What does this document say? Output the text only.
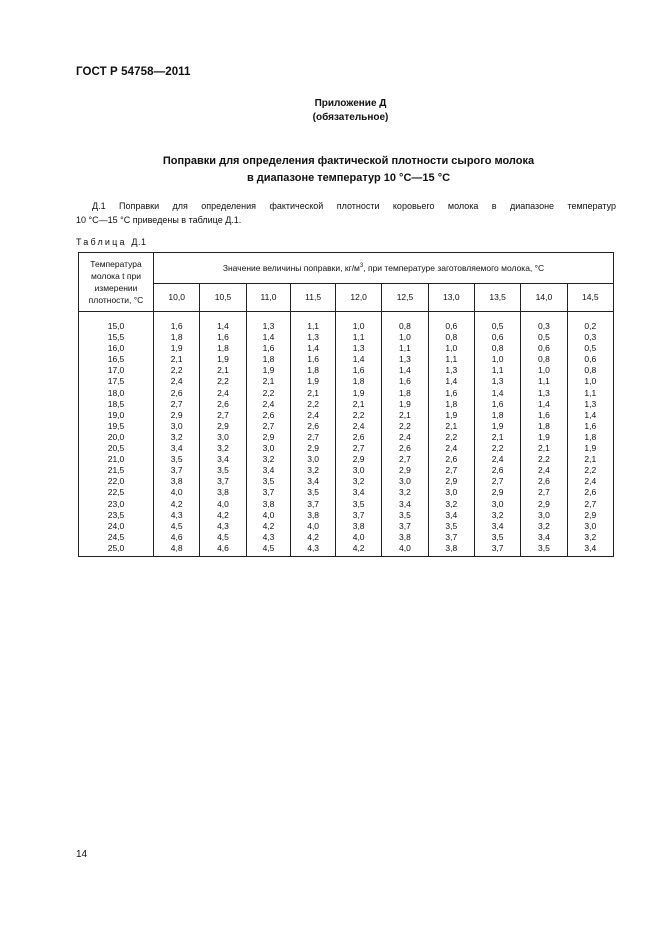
ГОСТ Р 54758—2011
Приложение Д
(обязательное)
Поправки для определения фактической плотности сырого молока
в диапазоне температур 10 °С—15 °С
Д.1 Поправки для определения фактической плотности коровьего молока в диапазоне температур
10 °С—15 °С приведены в таблице Д.1.
Таблица Д.1
Температура молока t при измерении плотности, °С	Значение величины поправки, $кг/м^3$, при температуре заготовляемого молока, °С									
	10,0	10,5	11,0	11,5	12,0	12,5	13,0	13,5	14,0	14,5
15,0	1,6	1,4	1,3	1,1	1,0	0,8	0,6	0,5	0,3	0,2
15,5	1,8	1,6	1,4	1,3	1,1	1,0	0,8	0,6	0,5	0,3
16,0	1,9	1,8	1,6	1,4	1,3	1,1	1,0	0,8	0,6	0,5
16,5	2,1	1,9	1,8	1,6	1,4	1,3	1,1	1,0	0,8	0,6
17,0	2,2	2,1	1,9	1,8	1,6	1,4	1,3	1,1	1,0	0,8
17,5	2,4	2,2	2,1	1,9	1,8	1,6	1,4	1,3	1,1	1,0
18,0	2,6	2,4	2,2	2,1	1,9	1,8	1,6	1,4	1,3	1,1
18,5	2,7	2,6	2,4	2,2	2,1	1,9	1,8	1,6	1,4	1,3
19,0	2,9	2,7	2,6	2,4	2,2	2,1	1,9	1,8	1,6	1,4
19,5	3,0	2,9	2,7	2,6	2,4	2,2	2,1	1,9	1,8	1,6
20,0	3,2	3,0	2,9	2,7	2,6	2,4	2,2	2,1	1,9	1,8
20,5	3,4	3,2	3,0	2,9	2,7	2,6	2,4	2,2	2,1	1,9
21,0	3,5	3,4	3,2	3,0	2,9	2,7	2,6	2,4	2,2	2,1
21,5	3,7	3,5	3,4	3,2	3,0	2,9	2,7	2,6	2,4	2,2
22,0	3,8	3,7	3,5	3,4	3,2	3,0	2,9	2,7	2,6	2,4
22,5	4,0	3,8	3,7	3,5	3,4	3,2	3,0	2,9	2,7	2,6
23,0	4,2	4,0	3,8	3,7	3,5	3,4	3,2	3,0	2,9	2,7
23,5	4,3	4,2	4,0	3,8	3,7	3,5	3,4	3,2	3,0	2,9
24,0	4,5	4,3	4,2	4,0	3,8	3,7	3,5	3,4	3,2	3,0
24,5	4,6	4,5	4,3	4,2	4,0	3,8	3,7	3,5	3,4	3,2
25,0	4,8	4,6	4,5	4,3	4,2	4,0	3,8	3,7	3,5	3,4
14
